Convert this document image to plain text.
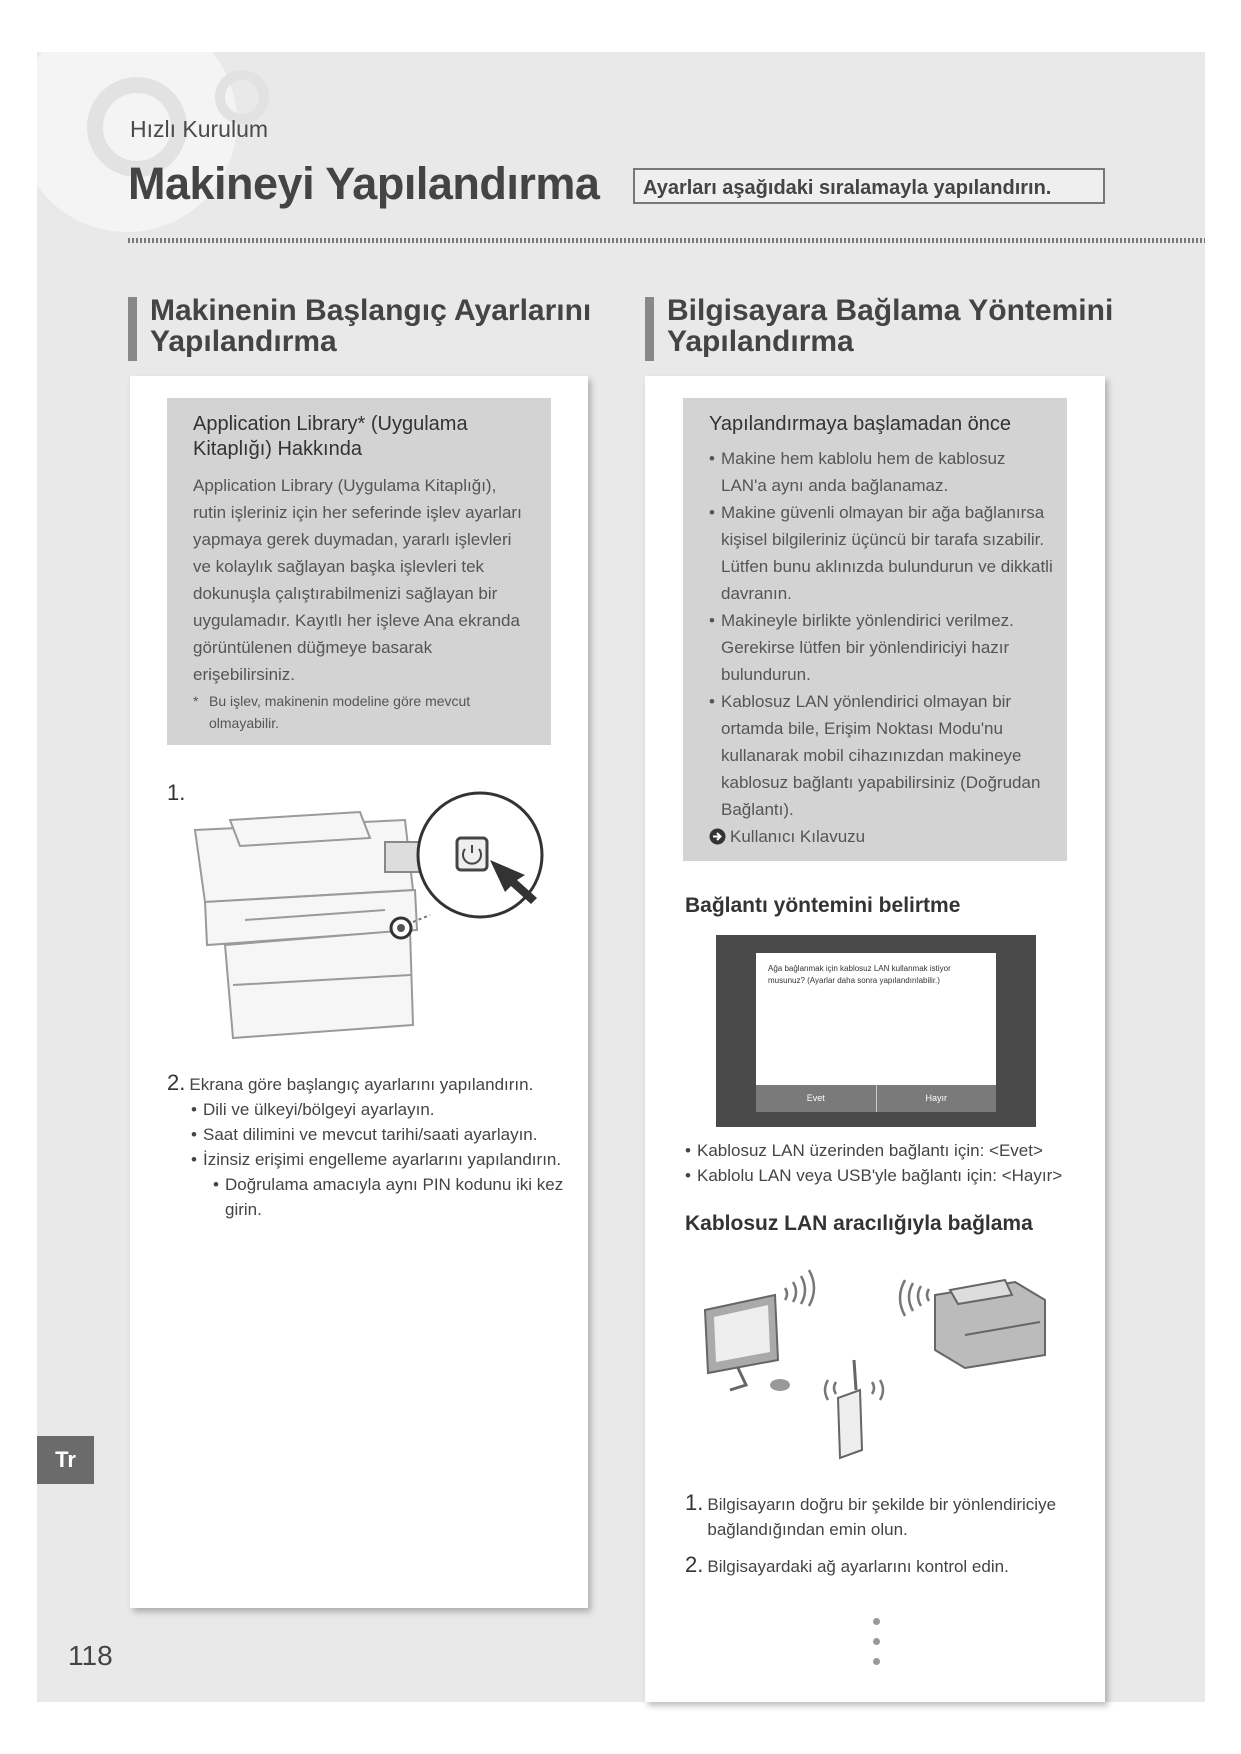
Hızlı Kurulum
Makineyi Yapılandırma	Ayarları aşağıdaki sıralamayla yapılandırın.
Makinenin Başlangıç Ayarlarını
Yapılandırma
Application Library* (Uygulama
Kitaplığı) Hakkında
Application Library (Uygulama Kitaplığı), rutin işleriniz için her seferinde işlev ayarları yapmaya gerek duymadan, yararlı işlevleri ve kolaylık sağlayan başka işlevleri tek dokunuşla çalıştırabilmenizi sağlayan bir uygulamadır. Kayıtlı her işleve Ana ekranda görüntülenen düğmeye basarak erişebilirsiniz.
* Bu işlev, makinenin modeline göre mevcut olmayabilir.
1.
2. Ekrana göre başlangıç ayarlarını yapılandırın.
• Dili ve ülkeyi/bölgeyi ayarlayın.
• Saat dilimini ve mevcut tarihi/saati ayarlayın.
• İzinsiz erişimi engelleme ayarlarını yapılandırın.
• Doğrulama amacıyla aynı PIN kodunu iki kez girin.
Bilgisayara Bağlama Yöntemini
Yapılandırma
Yapılandırmaya başlamadan önce
• Makine hem kablolu hem de kablosuz LAN'a aynı anda bağlanamaz.
• Makine güvenli olmayan bir ağa bağlanırsa kişisel bilgileriniz üçüncü bir tarafa sızabilir. Lütfen bunu aklınızda bulundurun ve dikkatli davranın.
• Makineyle birlikte yönlendirici verilmez. Gerekirse lütfen bir yönlendiriciyi hazır bulundurun.
• Kablosuz LAN yönlendirici olmayan bir ortamda bile, Erişim Noktası Modu'nu kullanarak mobil cihazınızdan makineye kablosuz bağlantı yapabilirsiniz (Doğrudan Bağlantı).
Kullanıcı Kılavuzu
Bağlantı yöntemini belirtme
Ağa bağlanmak için kablosuz LAN kullanmak istiyor musunuz? (Ayarlar daha sonra yapılandırılabilir.)
Evet	Hayır
• Kablosuz LAN üzerinden bağlantı için: <Evet>
• Kablolu LAN veya USB'yle bağlantı için: <Hayır>
Kablosuz LAN aracılığıyla bağlama
1. Bilgisayarın doğru bir şekilde bir yönlendiriciye bağlandığından emin olun.
2. Bilgisayardaki ağ ayarlarını kontrol edin.
Tr
118
